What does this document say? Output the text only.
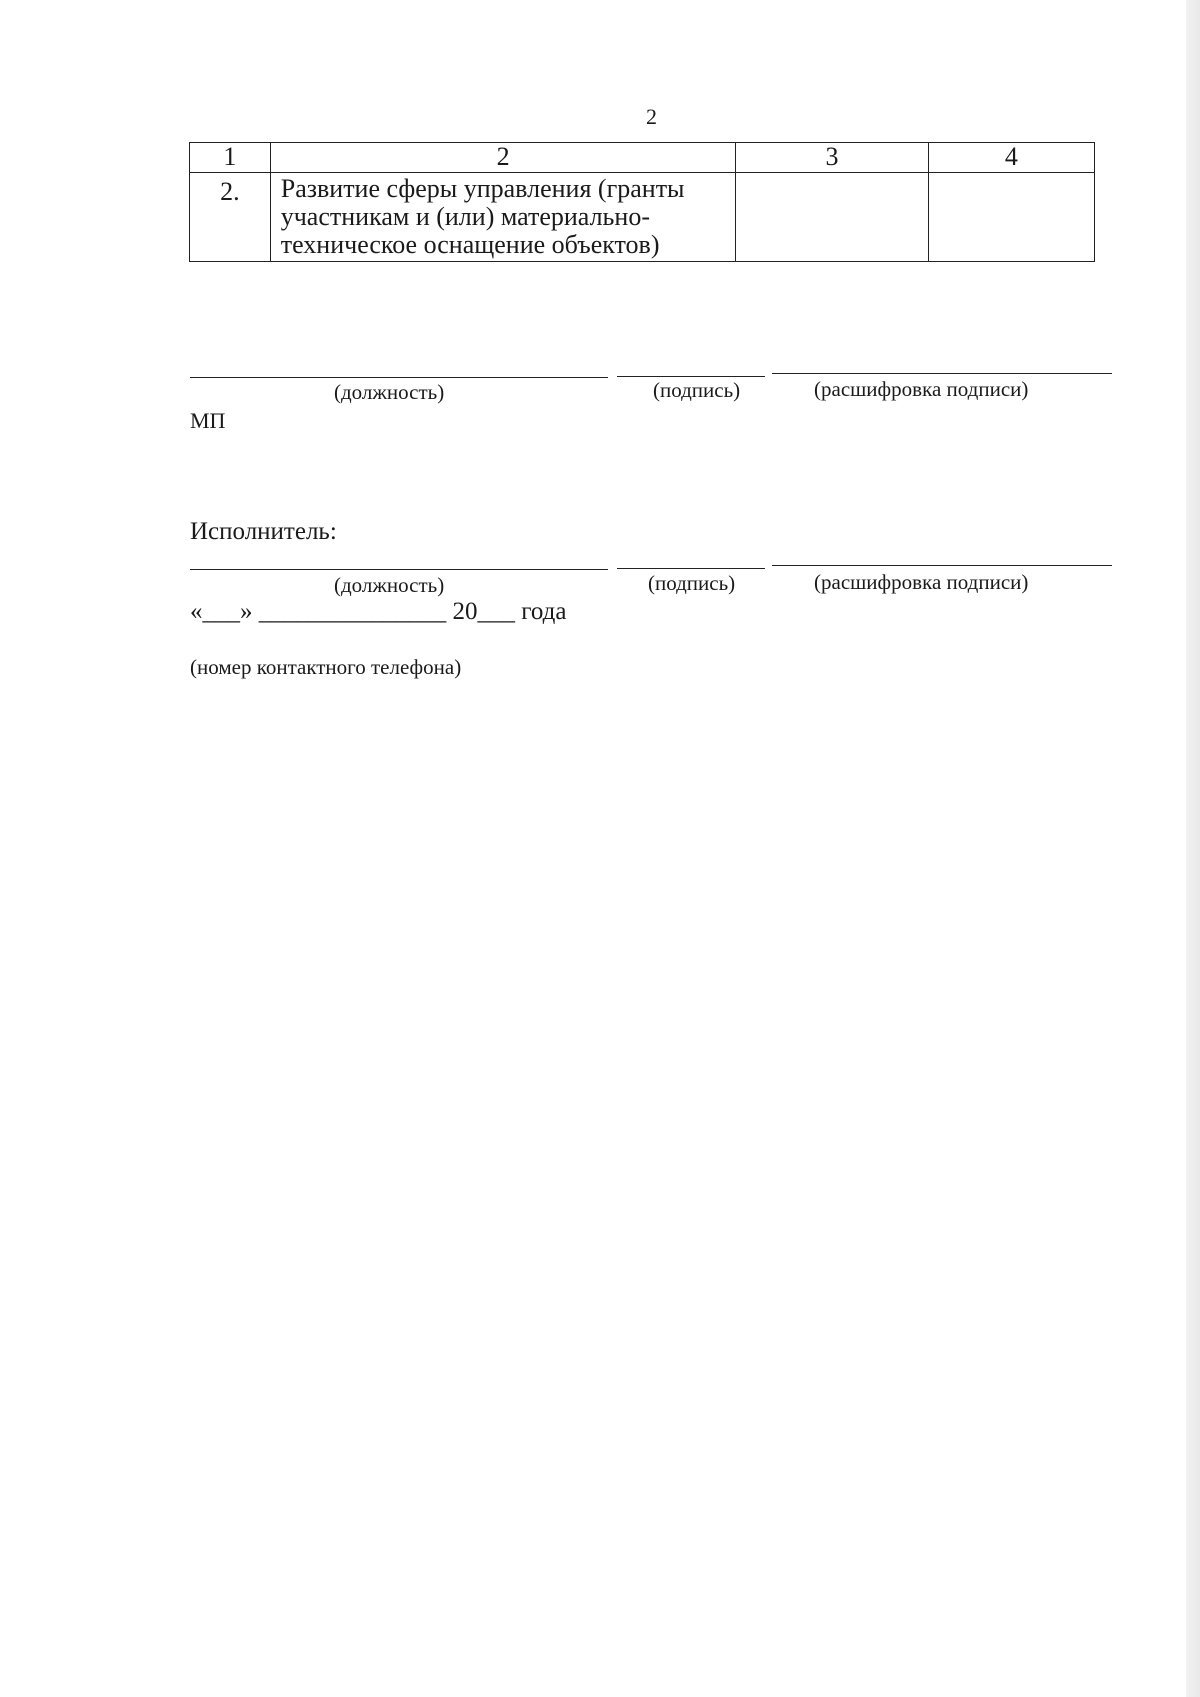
2
1	2	3	4
2.	Развитие сферы управления (гранты участникам и (или) материально-техническое оснащение объектов)		
(должность)	(подпись)	(расшифровка подписи)
МП
Исполнитель:
(должность)	(подпись)	(расшифровка подписи)
«___» _______________ 20___ года
(номер контактного телефона)
